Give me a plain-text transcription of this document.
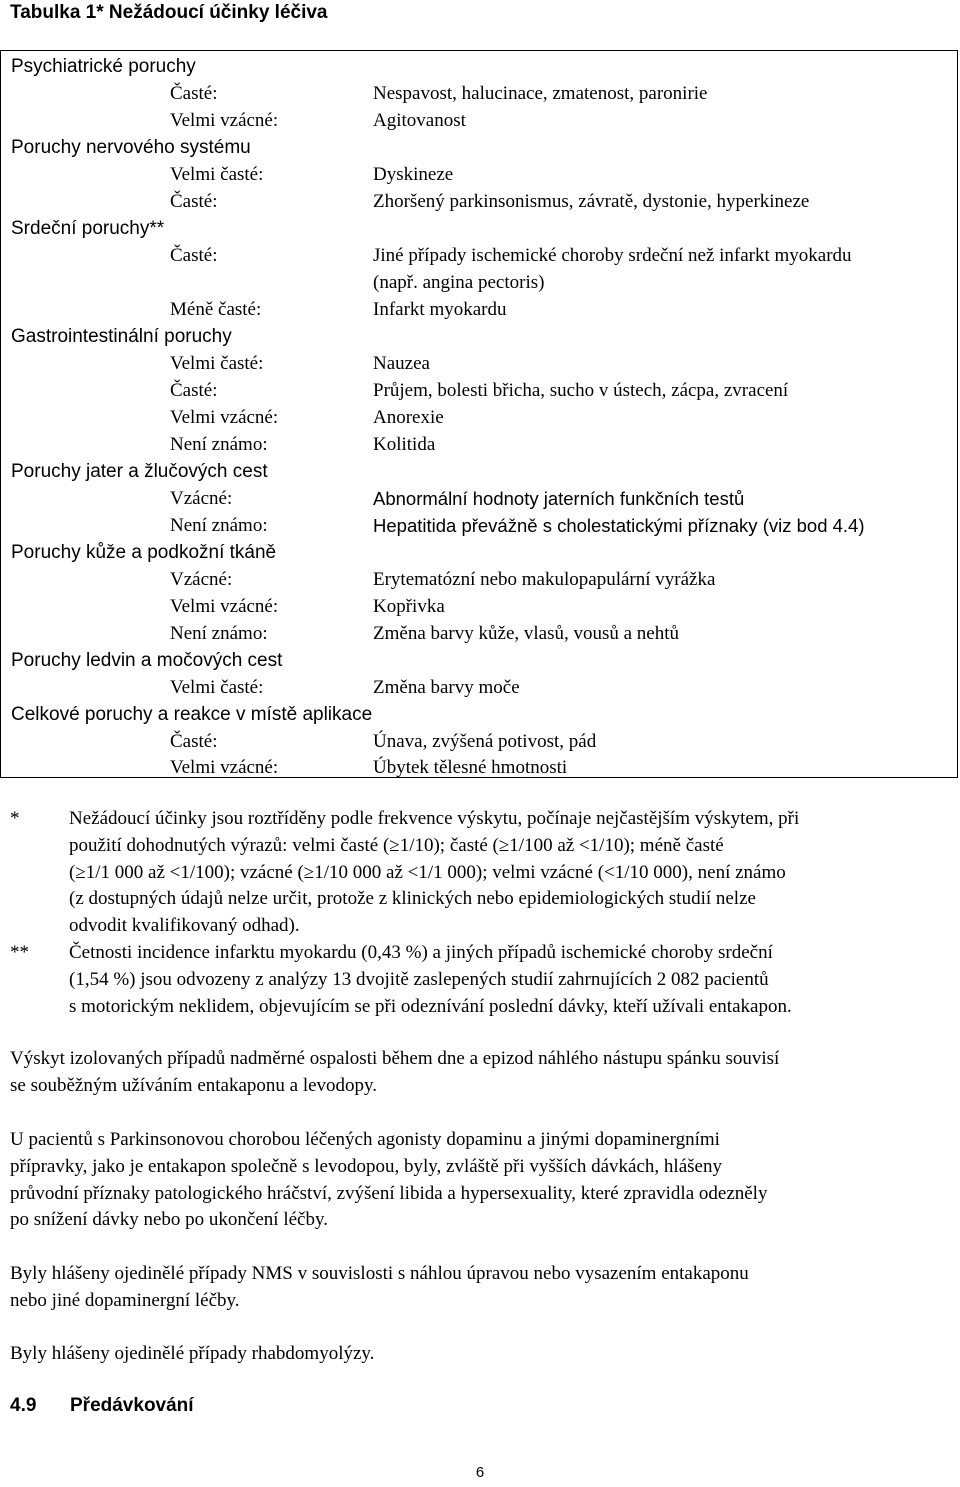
Tabulka 1* Nežádoucí účinky léčiva
Psychiatrické poruchy
Časté:	Nespavost, halucinace, zmatenost, paronirie
Velmi vzácné:	Agitovanost
Poruchy nervového systému
Velmi časté:	Dyskineze
Časté:	Zhoršený parkinsonismus, závratě, dystonie, hyperkineze
Srdeční poruchy**
Časté:	Jiné případy ischemické choroby srdeční než infarkt myokardu
(např. angina pectoris)
Méně časté:	Infarkt myokardu
Gastrointestinální poruchy
Velmi časté:	Nauzea
Časté:	Průjem, bolesti břicha, sucho v ústech, zácpa, zvracení
Velmi vzácné:	Anorexie
Není známo:	Kolitida
Poruchy jater a žlučových cest
Vzácné:	Abnormální hodnoty jaterních funkčních testů
Není známo:	Hepatitida převážně s cholestatickými příznaky (viz bod 4.4)
Poruchy kůže a podkožní tkáně
Vzácné:	Erytematózní nebo makulopapulární vyrážka
Velmi vzácné:	Kopřivka
Není známo:	Změna barvy kůže, vlasů, vousů a nehtů
Poruchy ledvin a močových cest
Velmi časté:	Změna barvy moče
Celkové poruchy a reakce v místě aplikace
Časté:	Únava, zvýšená potivost, pád
Velmi vzácné:	Úbytek tělesné hmotnosti
*	Nežádoucí účinky jsou roztříděny podle frekvence výskytu, počínaje nejčastějším výskytem, při
použití dohodnutých výrazů: velmi časté (≥1/10); časté (≥1/100 až <1/10); méně časté
(≥1/1 000 až <1/100); vzácné (≥1/10 000 až <1/1 000); velmi vzácné (<1/10 000), není známo
(z dostupných údajů nelze určit, protože z klinických nebo epidemiologických studií nelze
odvodit kvalifikovaný odhad).
** Četnosti incidence infarktu myokardu (0,43 %) a jiných případů ischemické choroby srdeční
(1,54 %) jsou odvozeny z analýzy 13 dvojitě zaslepených studií zahrnujících 2 082 pacientů
s motorickým neklidem, objevujícím se při odeznívání poslední dávky, kteří užívali entakapon.
Výskyt izolovaných případů nadměrné ospalosti během dne a epizod náhlého nástupu spánku souvisí
se souběžným užíváním entakaponu a levodopy.
U pacientů s Parkinsonovou chorobou léčených agonisty dopaminu a jinými dopaminergními
přípravky, jako je entakapon společně s levodopou, byly, zvláště při vyšších dávkách, hlášeny
průvodní příznaky patologického hráčství, zvýšení libida a hypersexuality, které zpravidla odezněly
po snížení dávky nebo po ukončení léčby.
Byly hlášeny ojedinělé případy NMS v souvislosti s náhlou úpravou nebo vysazením entakaponu
nebo jiné dopaminergní léčby.
Byly hlášeny ojedinělé případy rhabdomyolýzy.
4.9 Předávkování
6
